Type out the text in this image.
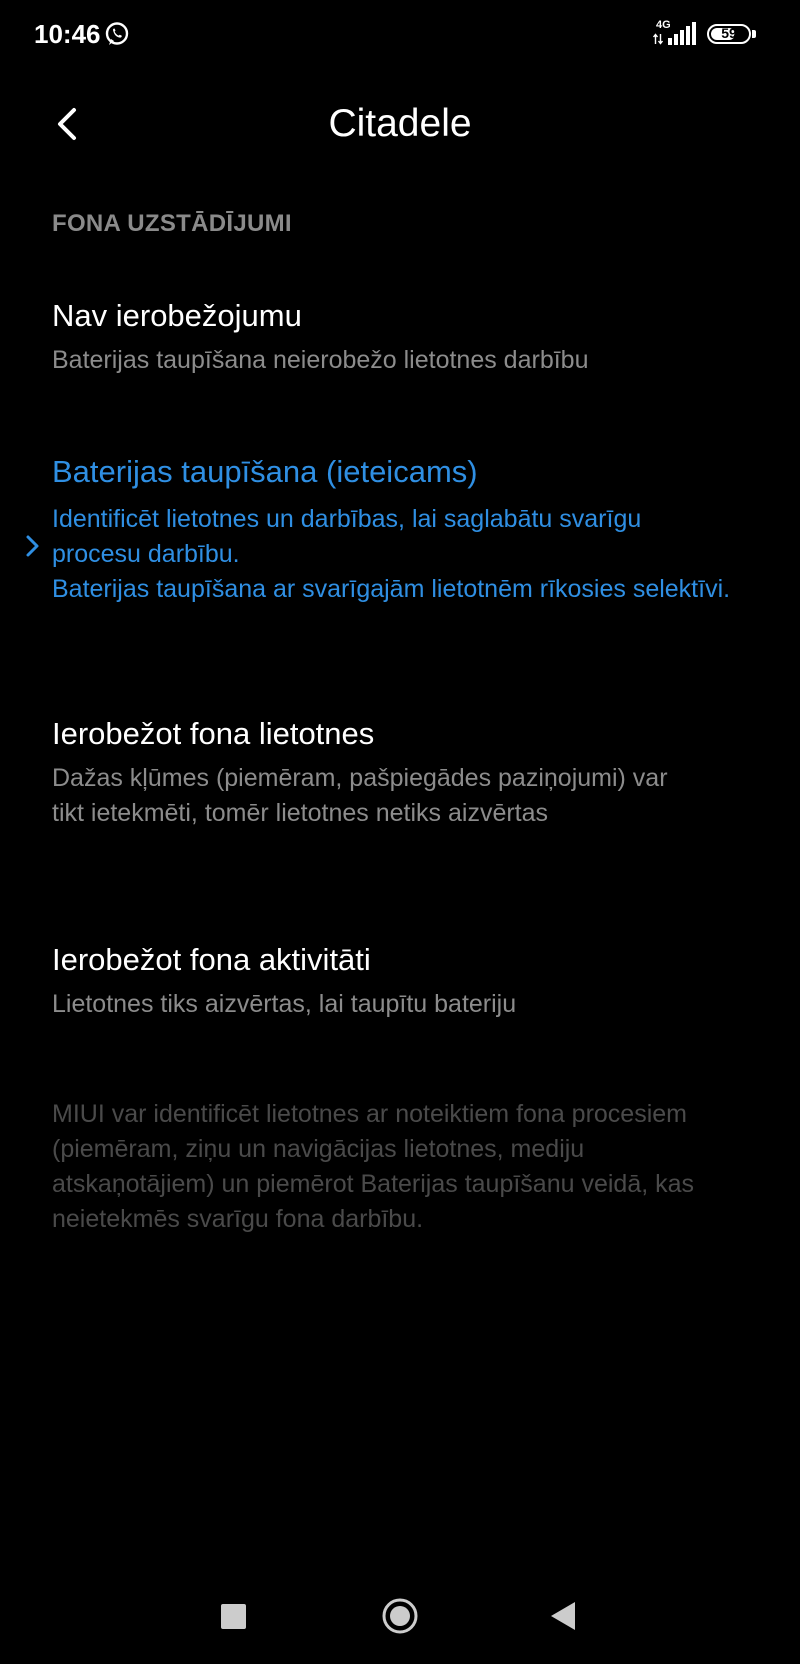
10:46	4G	59
Citadele
FONA UZSTĀDĪJUMI
Nav ierobežojumu
Baterijas taupīšana neierobežo lietotnes darbību
Baterijas taupīšana (ieteicams)
Identificēt lietotnes un darbības, lai saglabātu svarīgu procesu darbību.
Baterijas taupīšana ar svarīgajām lietotnēm rīkosies selektīvi.
Ierobežot fona lietotnes
Dažas kļūmes (piemēram, pašpiegādes paziņojumi) var tikt ietekmēti, tomēr lietotnes netiks aizvērtas
Ierobežot fona aktivitāti
Lietotnes tiks aizvērtas, lai taupītu bateriju
MIUI var identificēt lietotnes ar noteiktiem fona procesiem (piemēram, ziņu un navigācijas lietotnes, mediju atskaņotājiem) un piemērot Baterijas taupīšanu veidā, kas neietekmēs svarīgu fona darbību.
